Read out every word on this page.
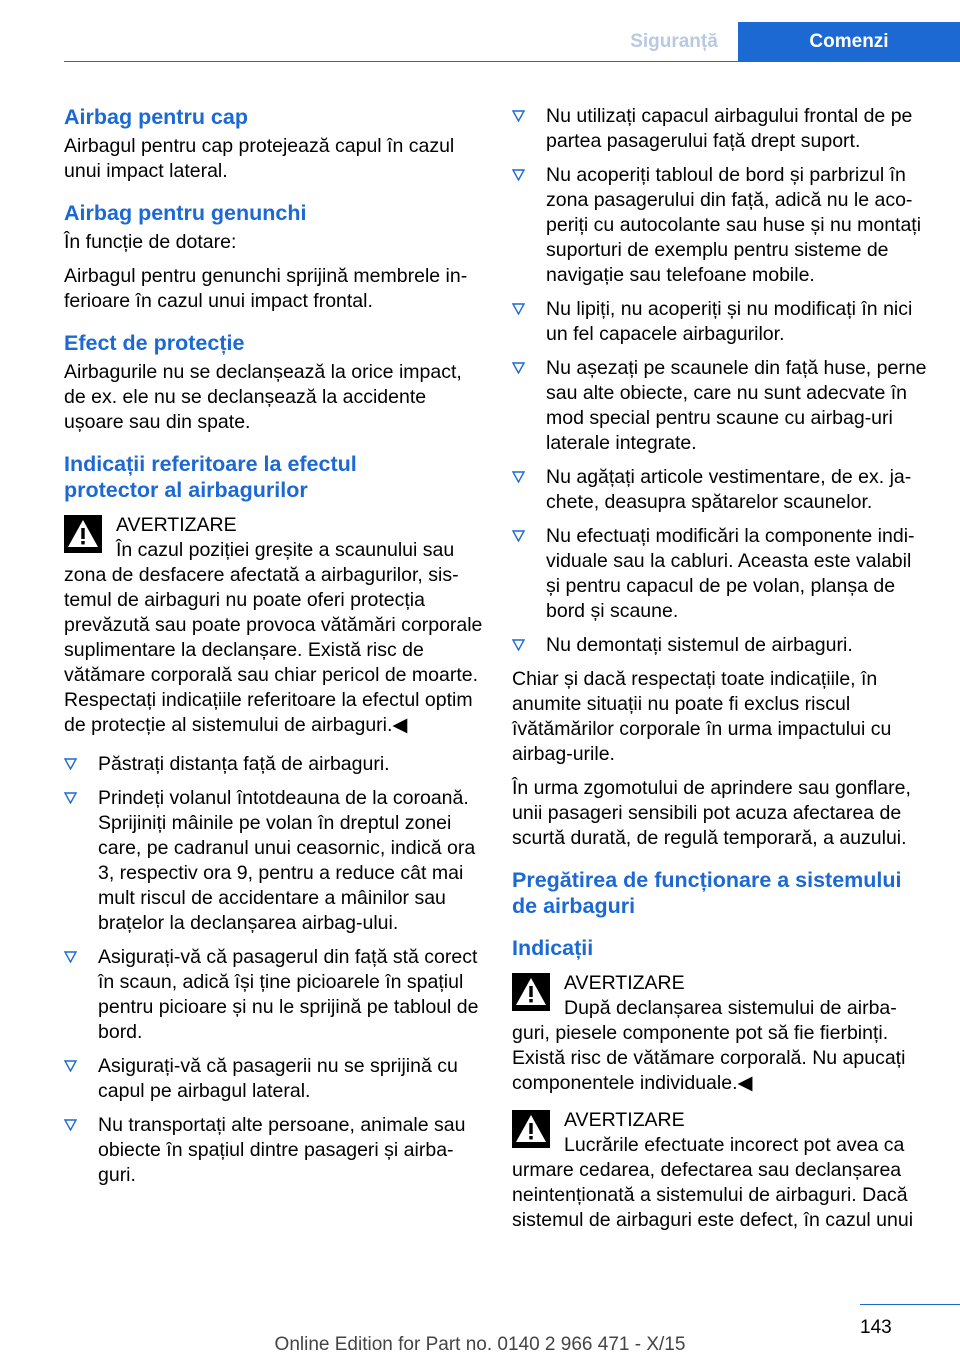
Siguranță	Comenzi
Airbag pentru cap

Airbagul pentru cap protejează capul în cazul unui impact lateral.

Airbag pentru genunchi

În funcție de dotare:

Airbagul pentru genunchi sprijină membrele inferioare în cazul unui impact frontal.

Efect de protecție

Airbagurile nu se declanșează la orice impact, de ex. ele nu se declanșează la accidente ușoare sau din spate.

Indicații referitoare la efectul protector al airbagurilor
AVERTIZARE
În cazul poziției greșite a scaunului sau zona de desfacere afectată a airbagurilor, sistemul de airbaguri nu poate oferi protecția prevăzută sau poate provoca vătămări corporale suplimentare la declanșare. Există risc de vătămare corporală sau chiar pericol de moarte. Respectați indicațiile referitoare la efectul optim de protecție al sistemului de airbaguri.◀
Păstrați distanța față de airbaguri.
Prindeți volanul întotdeauna de la coroană. Sprijiniți mâinile pe volan în dreptul zonei care, pe cadranul unui ceasornic, indică ora 3, respectiv ora 9, pentru a reduce cât mai mult riscul de accidentare a mâinilor sau brațelor la declanșarea airbag-ului.
Asigurați-vă că pasagerul din față stă corect în scaun, adică își ține picioarele în spațiul pentru picioare și nu le sprijină pe tabloul de bord.
Asigurați-vă că pasagerii nu se sprijină cu capul pe airbagul lateral.
Nu transportați alte persoane, animale sau obiecte în spațiul dintre pasageri și airbaguri.
Nu utilizați capacul airbagului frontal de pe partea pasagerului față drept suport.
Nu acoperiți tabloul de bord și parbrizul în zona pasagerului din față, adică nu le acoperiți cu autocolante sau huse și nu montați suporturi de exemplu pentru sisteme de navigație sau telefoane mobile.
Nu lipiți, nu acoperiți și nu modificați în nici un fel capacele airbagurilor.
Nu așezați pe scaunele din față huse, perne sau alte obiecte, care nu sunt adecvate în mod special pentru scaune cu airbag-uri laterale integrate.
Nu agățați articole vestimentare, de ex. jachete, deasupra spătarelor scaunelor.
Nu efectuați modificări la componente individuale sau la cabluri. Aceasta este valabil și pentru capacul de pe volan, planșa de bord și scaune.
Nu demontați sistemul de airbaguri.

Chiar și dacă respectați toate indicațiile, în anumite situații nu poate fi exclus riscul îvătămărilor corporale în urma impactului cu airbag-urile.

În urma zgomotului de aprindere sau gonflare, unii pasageri sensibili pot acuza afectarea de scurtă durată, de regulă temporară, a auzului.

Pregătirea de funcționare a sistemului de airbaguri
Indicații
AVERTIZARE
După declanșarea sistemului de airbaguri, piesele componente pot să fie fierbinți. Există risc de vătămare corporală. Nu apucați componentele individuale.◀
AVERTIZARE
Lucrările efectuate incorect pot avea ca urmare cedarea, defectarea sau declanșarea neintenționată a sistemului de airbaguri. Dacă sistemul de airbaguri este defect, în cazul unui
143
Online Edition for Part no. 0140 2 966 471 - X/15
